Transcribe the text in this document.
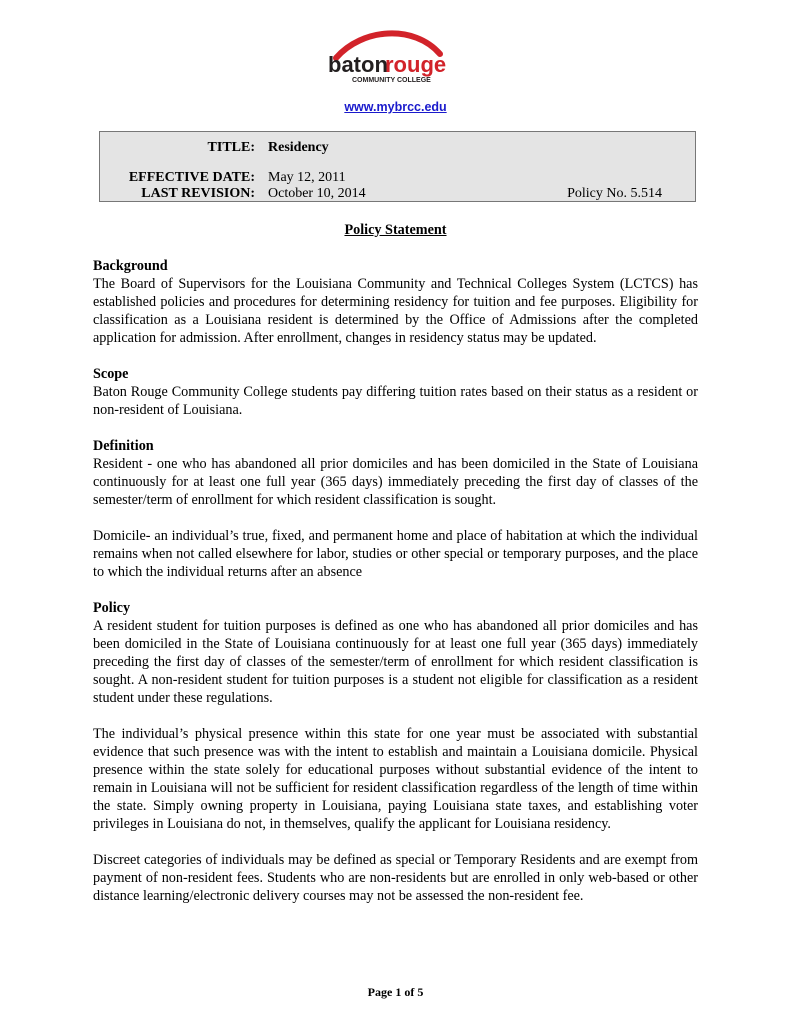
baton
rouge
COMMUNITY COLLEGE
www.mybrcc.edu
TITLE: Residency
EFFECTIVE DATE: May 12, 2011
LAST REVISION: October 10, 2014	Policy No. 5.514
Policy Statement
Background

The Board of Supervisors for the Louisiana Community and Technical Colleges System (LCTCS) has established policies and procedures for determining residency for tuition and fee purposes. Eligibility for classification as a Louisiana resident is determined by the Office of Admissions after the completed application for admission. After enrollment, changes in residency status may be updated.

Scope

Baton Rouge Community College students pay differing tuition rates based on their status as a resident or non-resident of Louisiana.

Definition

Resident - one who has abandoned all prior domiciles and has been domiciled in the State of Louisiana continuously for at least one full year (365 days) immediately preceding the first day of classes of the semester/term of enrollment for which resident classification is sought.

Domicile- an individual’s true, fixed, and permanent home and place of habitation at which the individual remains when not called elsewhere for labor, studies or other special or temporary purposes, and the place to which the individual returns after an absence

Policy

A resident student for tuition purposes is defined as one who has abandoned all prior domiciles and has been domiciled in the State of Louisiana continuously for at least one full year (365 days) immediately preceding the first day of classes of the semester/term of enrollment for which resident classification is sought. A non-resident student for tuition purposes is a student not eligible for classification as a resident student under these regulations.

The individual’s physical presence within this state for one year must be associated with substantial evidence that such presence was with the intent to establish and maintain a Louisiana domicile. Physical presence within the state solely for educational purposes without substantial evidence of the intent to remain in Louisiana will not be sufficient for resident classification regardless of the length of time within the state. Simply owning property in Louisiana, paying Louisiana state taxes, and establishing voter privileges in Louisiana do not, in themselves, qualify the applicant for Louisiana residency.

Discreet categories of individuals may be defined as special or Temporary Residents and are exempt from payment of non-resident fees. Students who are non-residents but are enrolled in only web-based or other distance learning/electronic delivery courses may not be assessed the non-resident fee.

Page 1 of 5
